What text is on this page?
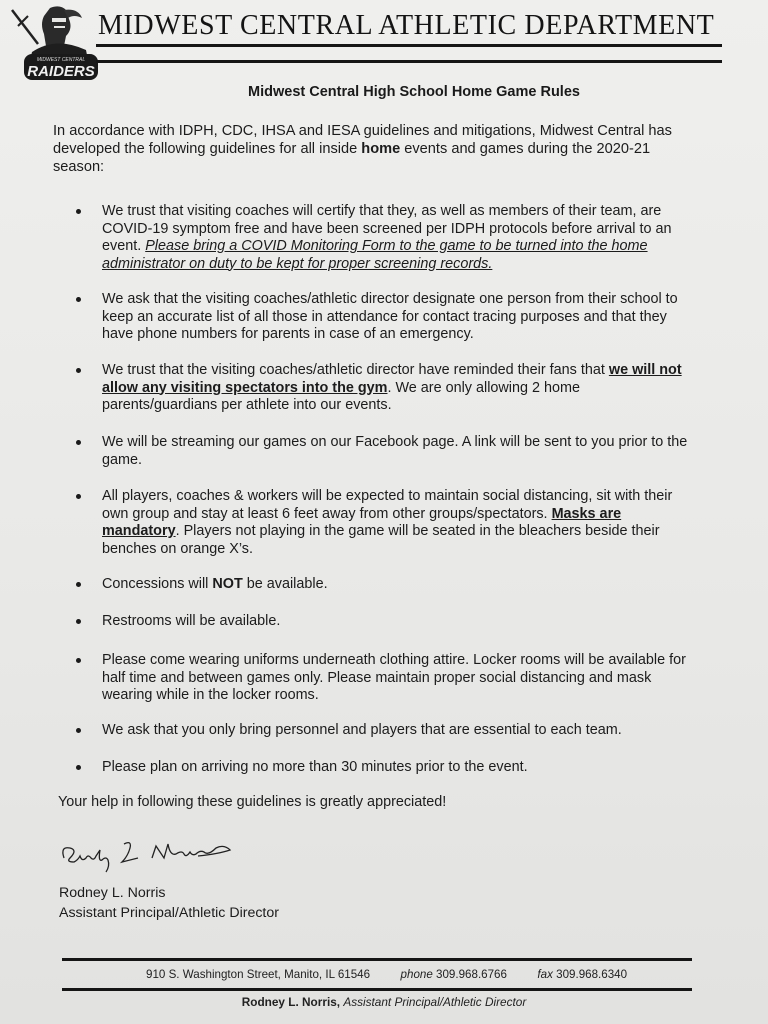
MIDWEST CENTRAL
RAIDERS
MIDWEST CENTRAL ATHLETIC DEPARTMENT
Midwest Central High School Home Game Rules
In accordance with IDPH, CDC, IHSA and IESA guidelines and mitigations, Midwest Central has developed the following guidelines for all inside home events and games during the 2020-21 season:
We trust that visiting coaches will certify that they, as well as members of their team, are COVID-19 symptom free and have been screened per IDPH protocols before arrival to an event. Please bring a COVID Monitoring Form to the game to be turned into the home administrator on duty to be kept for proper screening records.
We ask that the visiting coaches/athletic director designate one person from their school to keep an accurate list of all those in attendance for contact tracing purposes and that they have phone numbers for parents in case of an emergency.
We trust that the visiting coaches/athletic director have reminded their fans that we will not allow any visiting spectators into the gym. We are only allowing 2 home parents/guardians per athlete into our events.
We will be streaming our games on our Facebook page. A link will be sent to you prior to the game.
All players, coaches & workers will be expected to maintain social distancing, sit with their own group and stay at least 6 feet away from other groups/spectators. Masks are mandatory. Players not playing in the game will be seated in the bleachers beside their benches on orange X’s.
Concessions will NOT be available.
Restrooms will be available.
Please come wearing uniforms underneath clothing attire. Locker rooms will be available for half time and between games only. Please maintain proper social distancing and mask wearing while in the locker rooms.
We ask that you only bring personnel and players that are essential to each team.
Please plan on arriving no more than 30 minutes prior to the event.
Your help in following these guidelines is greatly appreciated!
Rodney L. Norris
Assistant Principal/Athletic Director
910 S. Washington Street, Manito, IL 61546	phone 309.968.6766	fax 309.968.6340
Rodney L. Norris, Assistant Principal/Athletic Director
